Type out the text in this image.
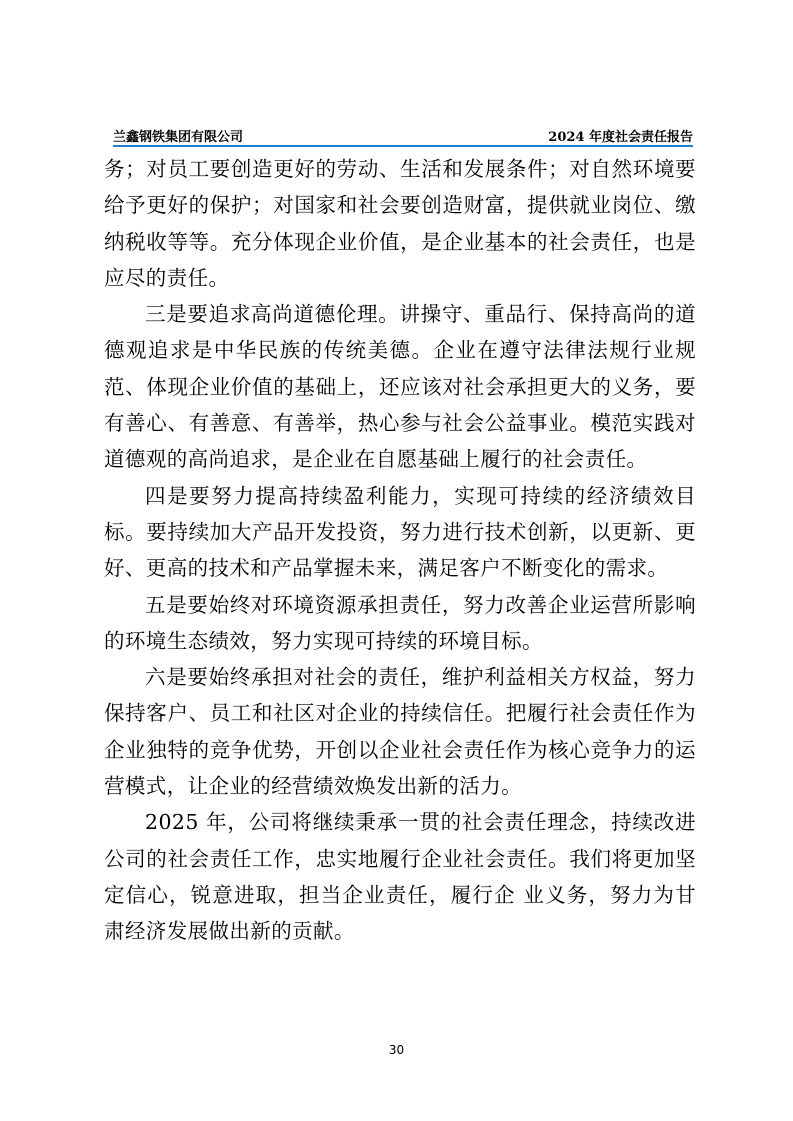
兰鑫钢铁集团有限公司	2024 年度社会责任报告

务；对员工要创造更好的劳动、生活和发展条件；对自然环境要给予更好的保护；对国家和社会要创造财富，提供就业岗位、缴纳税收等等。充分体现企业价值，是企业基本的社会责任，也是应尽的责任。

三是要追求高尚道德伦理。讲操守、重品行、保持高尚的道德观追求是中华民族的传统美德。企业在遵守法律法规行业规范、体现企业价值的基础上，还应该对社会承担更大的义务，要有善心、有善意、有善举，热心参与社会公益事业。模范实践对道德观的高尚追求，是企业在自愿基础上履行的社会责任。

四是要努力提高持续盈利能力，实现可持续的经济绩效目标。要持续加大产品开发投资，努力进行技术创新，以更新、更好、更高的技术和产品掌握未来，满足客户不断变化的需求。

五是要始终对环境资源承担责任，努力改善企业运营所影响的环境生态绩效，努力实现可持续的环境目标。

六是要始终承担对社会的责任，维护利益相关方权益，努力保持客户、员工和社区对企业的持续信任。把履行社会责任作为企业独特的竞争优势，开创以企业社会责任作为核心竞争力的运营模式，让企业的经营绩效焕发出新的活力。

2025 年，公司将继续秉承一贯的社会责任理念，持续改进公司的社会责任工作，忠实地履行企业社会责任。我们将更加坚定信心，锐意进取，担当企业责任，履行企 业义务，努力为甘肃经济发展做出新的贡献。

30
